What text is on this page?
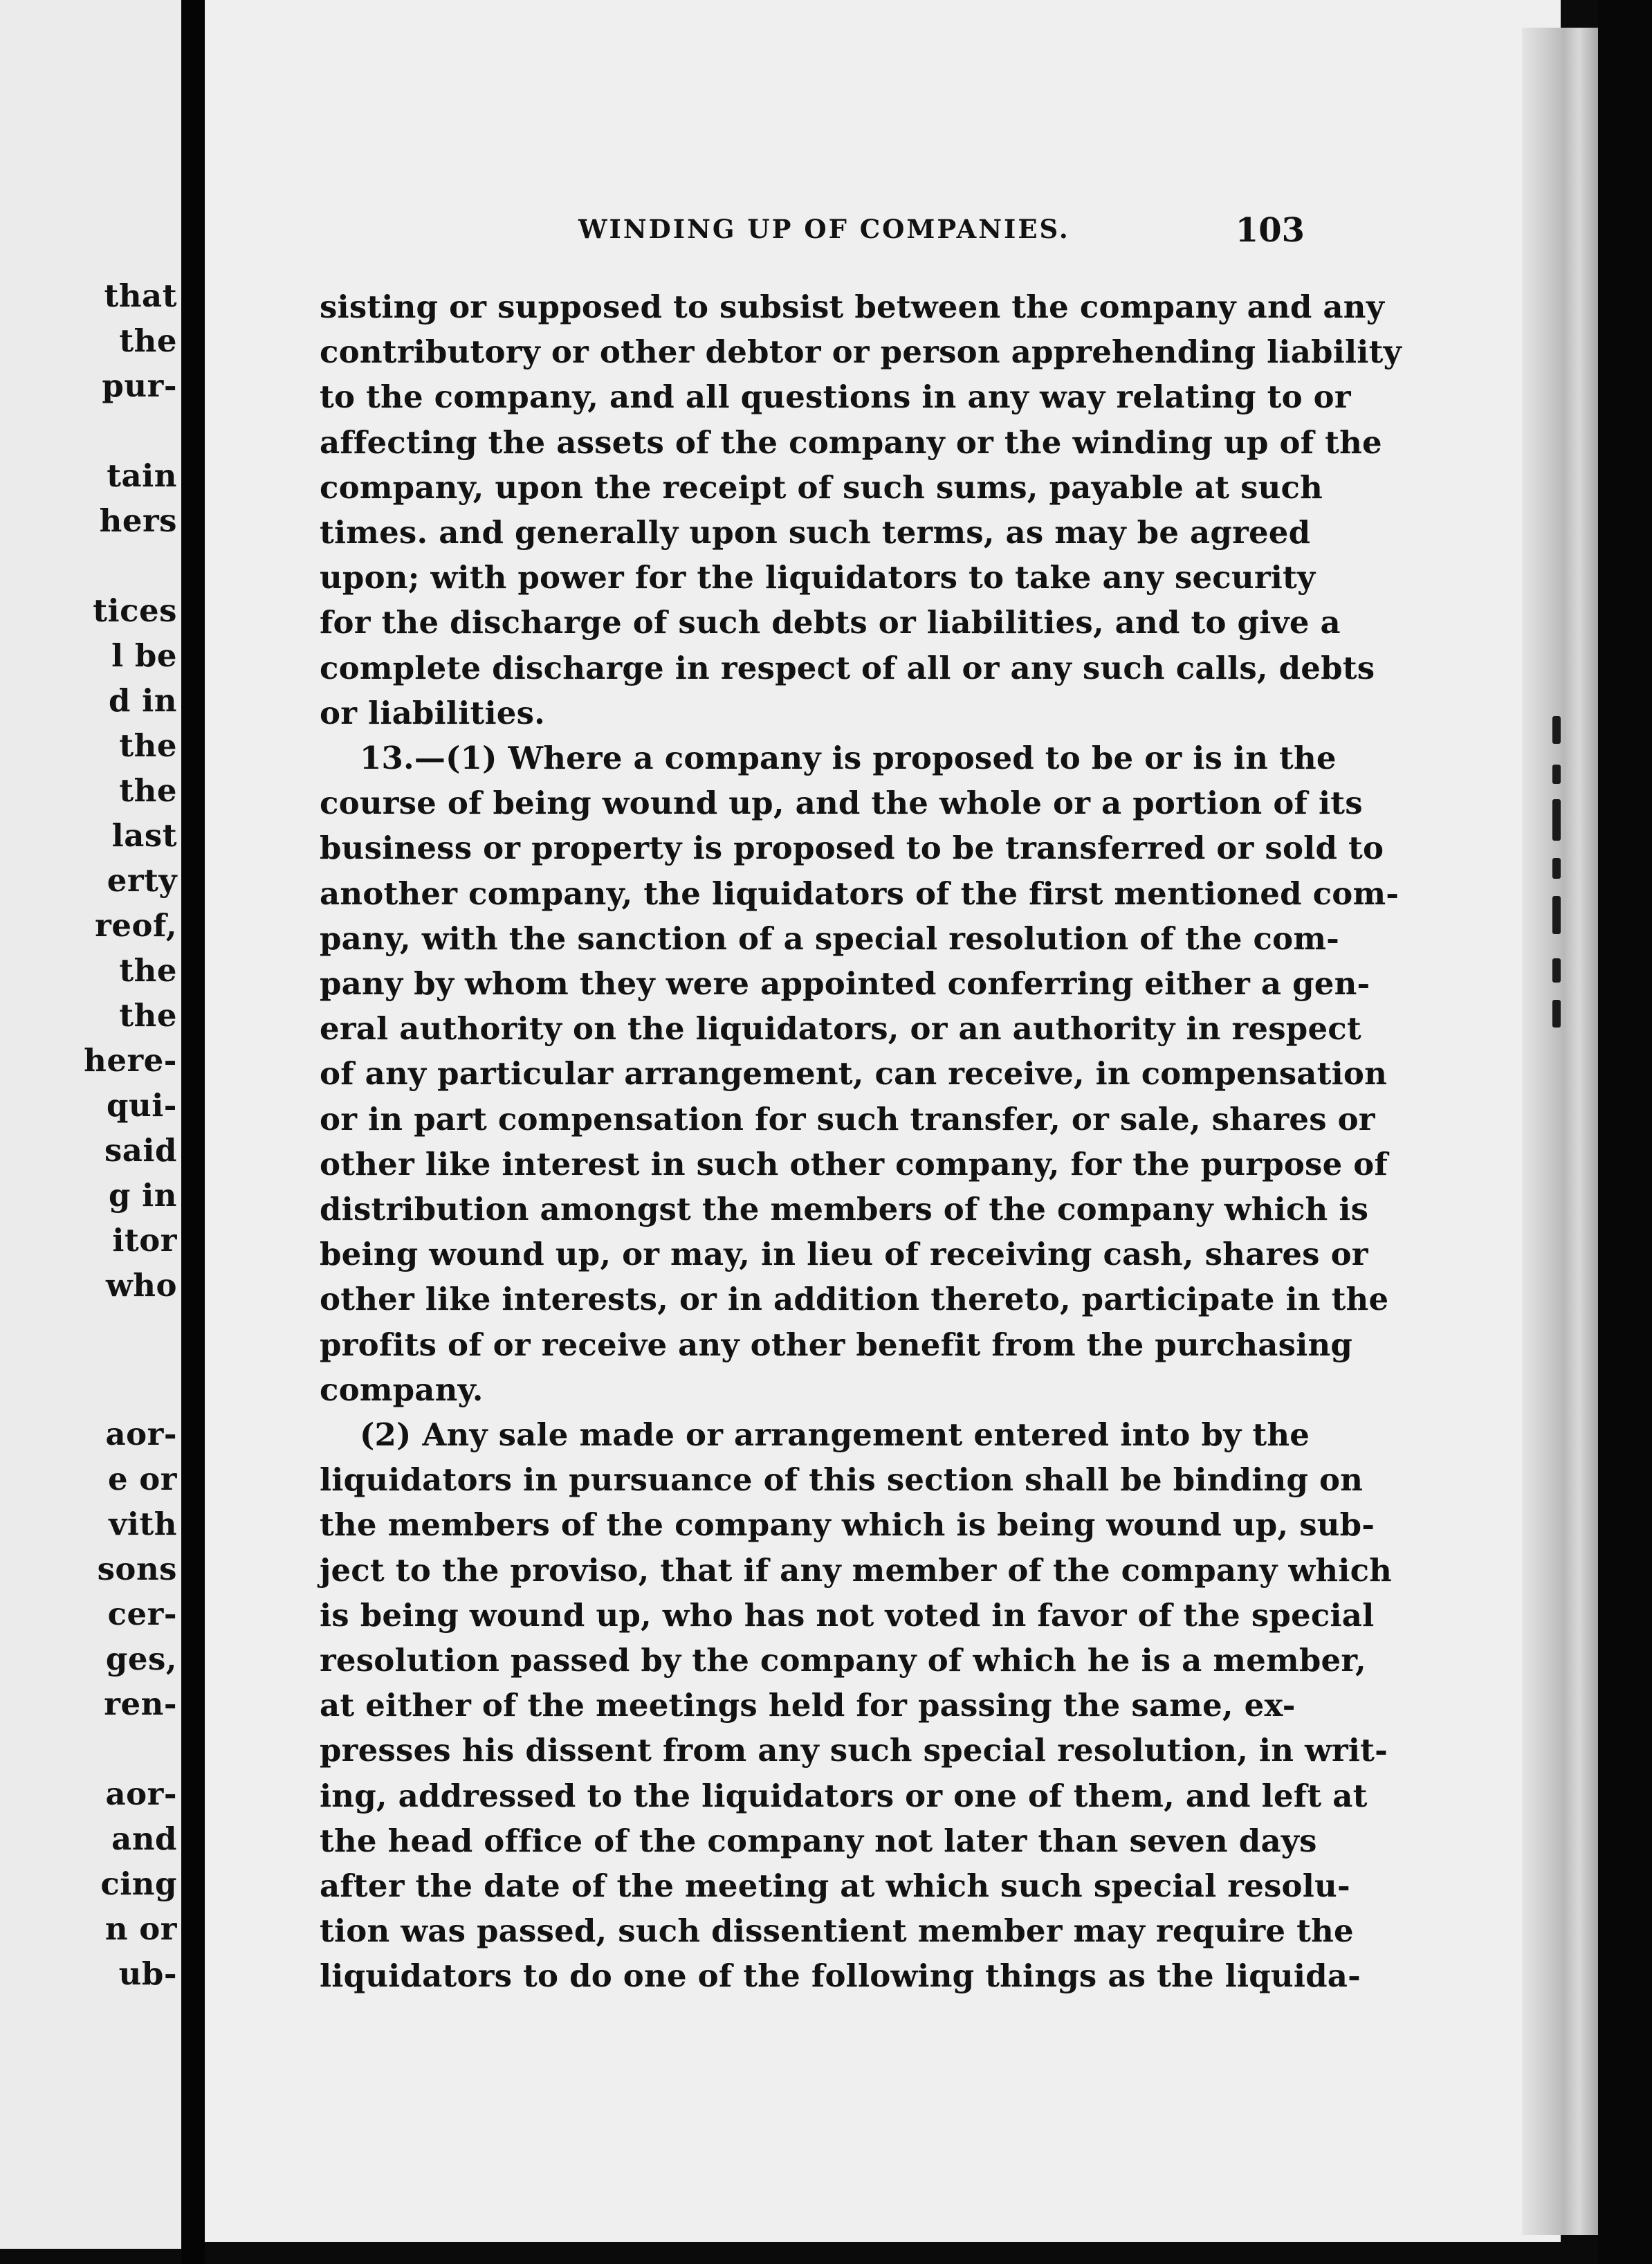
that
the
pur-
tain
hers
tices
l be
d in
the
the
last
erty
reof,
the
the
here-
qui-
said
g in
itor
who
aor-
e or
vith
sons
cer-
ges,
ren-
aor-
and
cing
n or
ub-
WINDING UP OF COMPANIES.	103
sisting or supposed to subsist between the company and any
contributory or other debtor or person apprehending liability
to the company, and all questions in any way relating to or
affecting the assets of the company or the winding up of the
company, upon the receipt of such sums, payable at such
times. and generally upon such terms, as may be agreed
upon; with power for the liquidators to take any security
for the discharge of such debts or liabilities, and to give a
complete discharge in respect of all or any such calls, debts
or liabilities.
13.—(1) Where a company is proposed to be or is in the
course of being wound up, and the whole or a portion of its
business or property is proposed to be transferred or sold to
another company, the liquidators of the first mentioned com-
pany, with the sanction of a special resolution of the com-
pany by whom they were appointed conferring either a gen-
eral authority on the liquidators, or an authority in respect
of any particular arrangement, can receive, in compensation
or in part compensation for such transfer, or sale, shares or
other like interest in such other company, for the purpose of
distribution amongst the members of the company which is
being wound up, or may, in lieu of receiving cash, shares or
other like interests, or in addition thereto, participate in the
profits of or receive any other benefit from the purchasing
company.
(2) Any sale made or arrangement entered into by the
liquidators in pursuance of this section shall be binding on
the members of the company which is being wound up, sub-
ject to the proviso, that if any member of the company which
is being wound up, who has not voted in favor of the special
resolution passed by the company of which he is a member,
at either of the meetings held for passing the same, ex-
presses his dissent from any such special resolution, in writ-
ing, addressed to the liquidators or one of them, and left at
the head office of the company not later than seven days
after the date of the meeting at which such special resolu-
tion was passed, such dissentient member may require the
liquidators to do one of the following things as the liquida-
